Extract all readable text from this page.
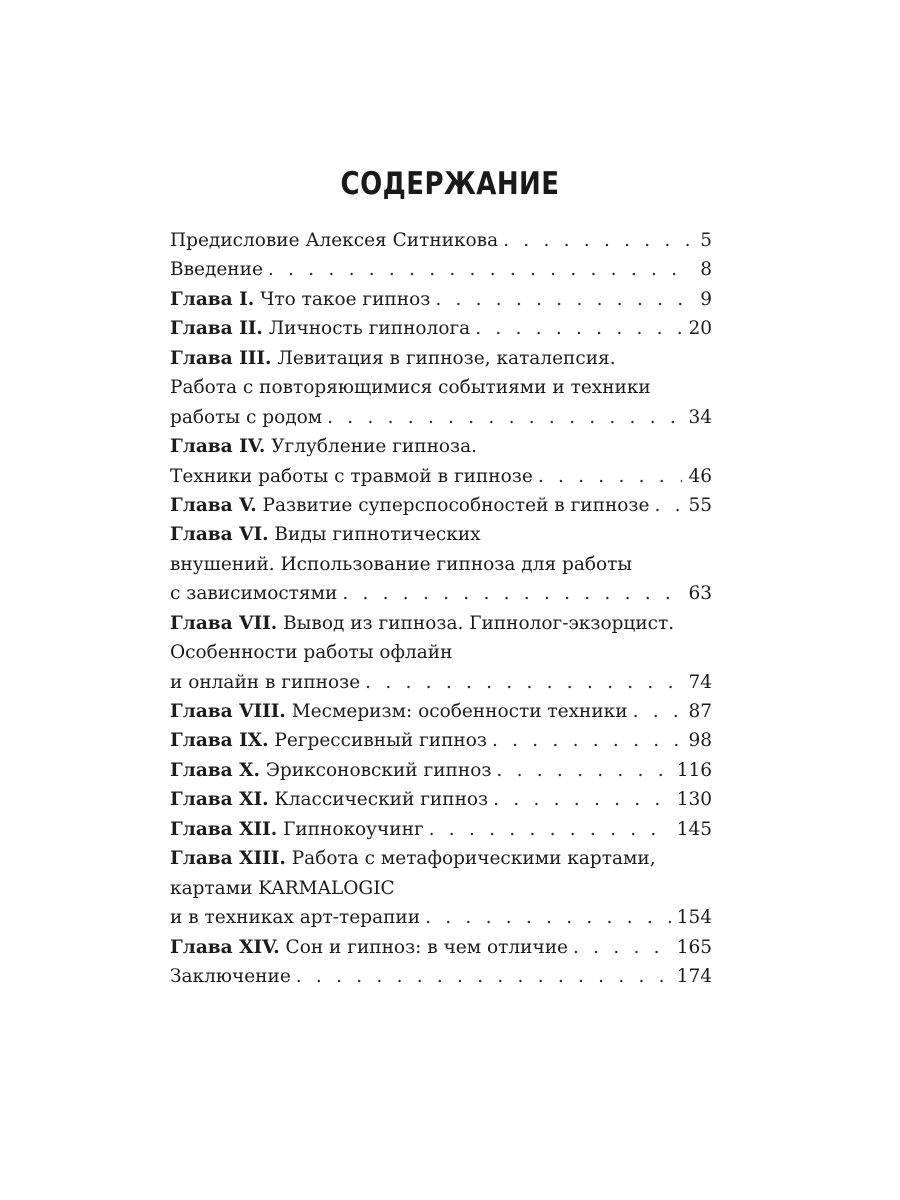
СОДЕРЖАНИЕ
Предисловие Алексея Ситникова . . .	5
Введение . . .	8
Глава I. Что такое гипноз . . .	9
Глава II. Личность гипнолога . . .	20
Глава III. Левитация в гипнозе, каталепсия.
Работа с повторяющимися событиями и техники
работы с родом . . .	34
Глава IV. Углубление гипноза.
Техники работы с травмой в гипнозе . . .	46
Глава V. Развитие суперспособностей в гипнозе . . . 55
Глава VI. Виды гипнотических
внушений. Использование гипноза для работы
с зависимостями . . .	63
Глава VII. Вывод из гипноза. Гипнолог-экзорцист.
Особенности работы офлайн
и онлайн в гипнозе . . .	74
Глава VIII. Месмеризм: особенности техники . . .	87
Глава IX. Регрессивный гипноз . . .	98
Глава X. Эриксоновский гипноз . . .	116
Глава XI. Классический гипноз . . .	130
Глава XII. Гипнокоучинг . . .	145
Глава XIII. Работа с метафорическими картами,
картами KARMALOGIC
и в техниках арт-терапии . . .	154
Глава XIV. Сон и гипноз: в чем отличие . . .	165
Заключение . . .	174
